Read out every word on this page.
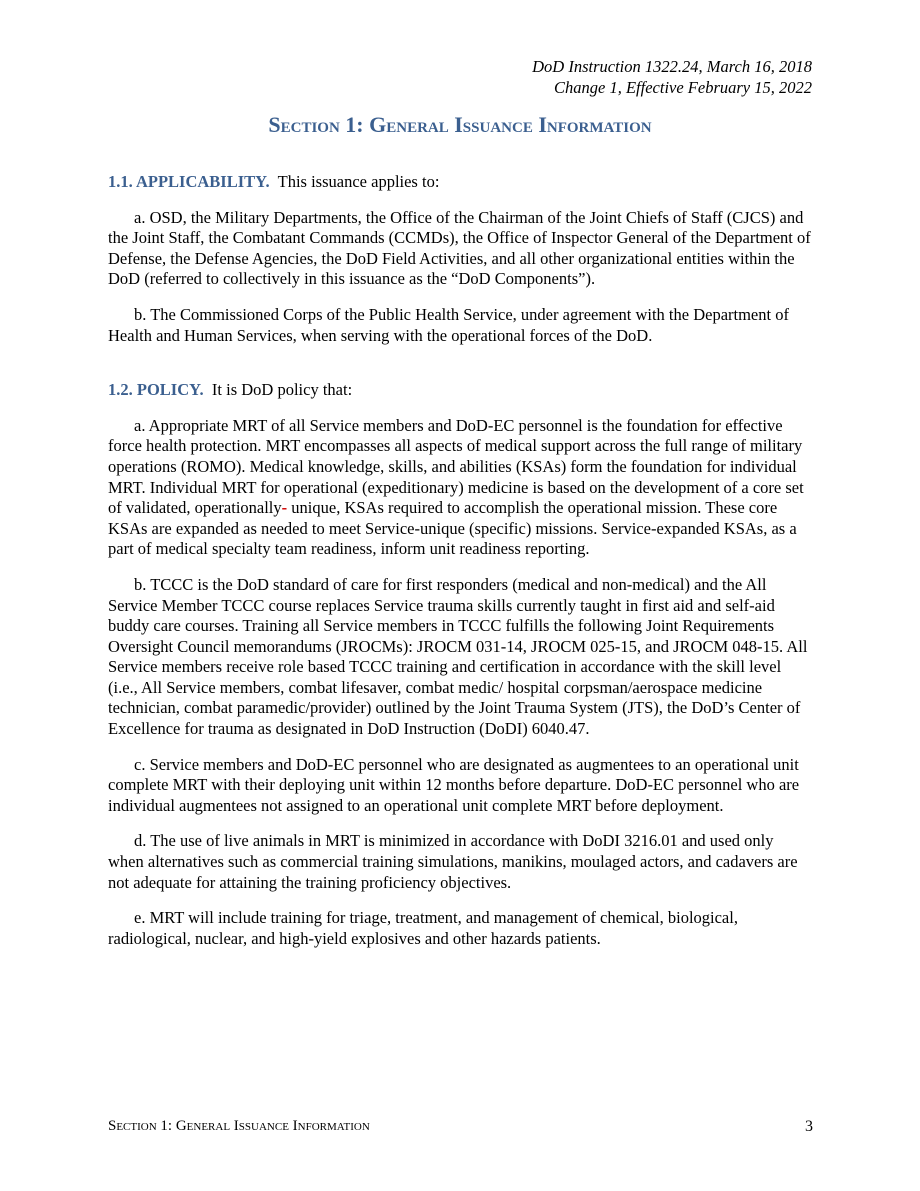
DoD Instruction 1322.24, March 16, 2018
Change 1, Effective February 15, 2022
Section 1: General Issuance Information

1.1. APPLICABILITY. This issuance applies to:

a. OSD, the Military Departments, the Office of the Chairman of the Joint Chiefs of Staff (CJCS) and the Joint Staff, the Combatant Commands (CCMDs), the Office of Inspector General of the Department of Defense, the Defense Agencies, the DoD Field Activities, and all other organizational entities within the DoD (referred to collectively in this issuance as the “DoD Components”).

b. The Commissioned Corps of the Public Health Service, under agreement with the Department of Health and Human Services, when serving with the operational forces of the DoD.

1.2. POLICY. It is DoD policy that:

a. Appropriate MRT of all Service members and DoD-EC personnel is the foundation for effective force health protection. MRT encompasses all aspects of medical support across the full range of military operations (ROMO). Medical knowledge, skills, and abilities (KSAs) form the foundation for individual MRT. Individual MRT for operational (expeditionary) medicine is based on the development of a core set of validated, operationally- unique, KSAs required to accomplish the operational mission. These core KSAs are expanded as needed to meet Service-unique (specific) missions. Service-expanded KSAs, as a part of medical specialty team readiness, inform unit readiness reporting.

b. TCCC is the DoD standard of care for first responders (medical and non-medical) and the All Service Member TCCC course replaces Service trauma skills currently taught in first aid and self-aid buddy care courses. Training all Service members in TCCC fulfills the following Joint Requirements Oversight Council memorandums (JROCMs): JROCM 031-14, JROCM 025-15, and JROCM 048-15. All Service members receive role based TCCC training and certification in accordance with the skill level (i.e., All Service members, combat lifesaver, combat medic/ hospital corpsman/aerospace medicine technician, combat paramedic/provider) outlined by the Joint Trauma System (JTS), the DoD’s Center of Excellence for trauma as designated in DoD Instruction (DoDI) 6040.47.

c. Service members and DoD-EC personnel who are designated as augmentees to an operational unit complete MRT with their deploying unit within 12 months before departure. DoD-EC personnel who are individual augmentees not assigned to an operational unit complete MRT before deployment.

d. The use of live animals in MRT is minimized in accordance with DoDI 3216.01 and used only when alternatives such as commercial training simulations, manikins, moulaged actors, and cadavers are not adequate for attaining the training proficiency objectives.

e. MRT will include training for triage, treatment, and management of chemical, biological, radiological, nuclear, and high-yield explosives and other hazards patients.

Section 1: General Issuance Information	3
